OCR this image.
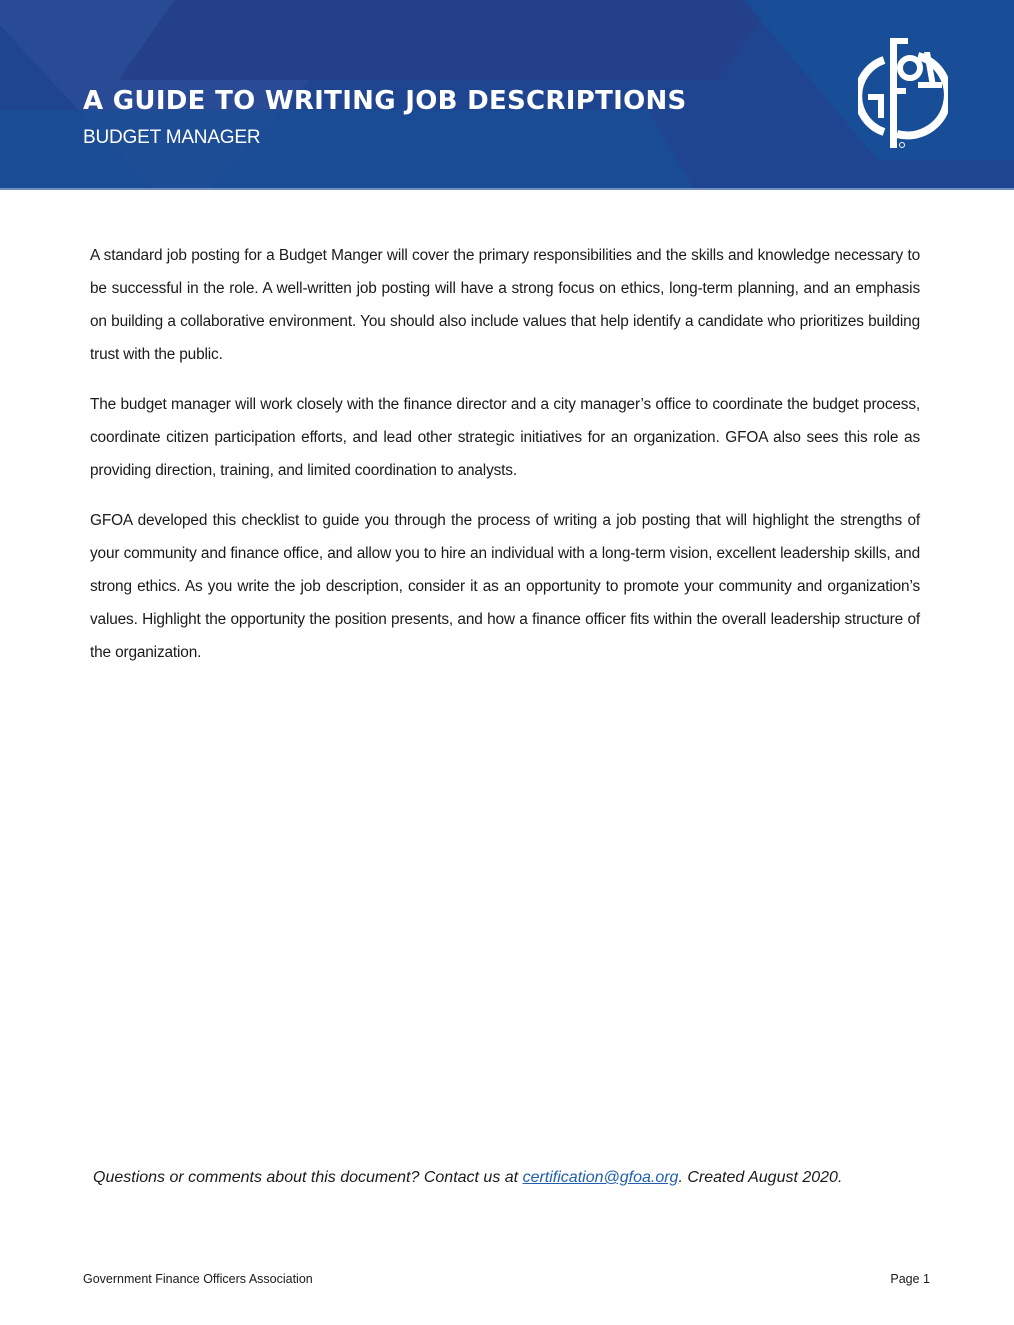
A GUIDE TO WRITING JOB DESCRIPTIONS
BUDGET MANAGER

A standard job posting for a Budget Manger will cover the primary responsibilities and the skills and knowledge necessary to be successful in the role. A well-written job posting will have a strong focus on ethics, long-term planning, and an emphasis on building a collaborative environment. You should also include values that help identify a candidate who prioritizes building trust with the public.

The budget manager will work closely with the finance director and a city manager’s office to coordinate the budget process, coordinate citizen participation efforts, and lead other strategic initiatives for an organization. GFOA also sees this role as providing direction, training, and limited coordination to analysts.

GFOA developed this checklist to guide you through the process of writing a job posting that will highlight the strengths of your community and finance office, and allow you to hire an individual with a long-term vision, excellent leadership skills, and strong ethics. As you write the job description, consider it as an opportunity to promote your community and organization’s values. Highlight the opportunity the position presents, and how a finance officer fits within the overall leadership structure of the organization.

Questions or comments about this document? Contact us at certification@gfoa.org. Created August 2020.
Government Finance Officers Association	Page 1
